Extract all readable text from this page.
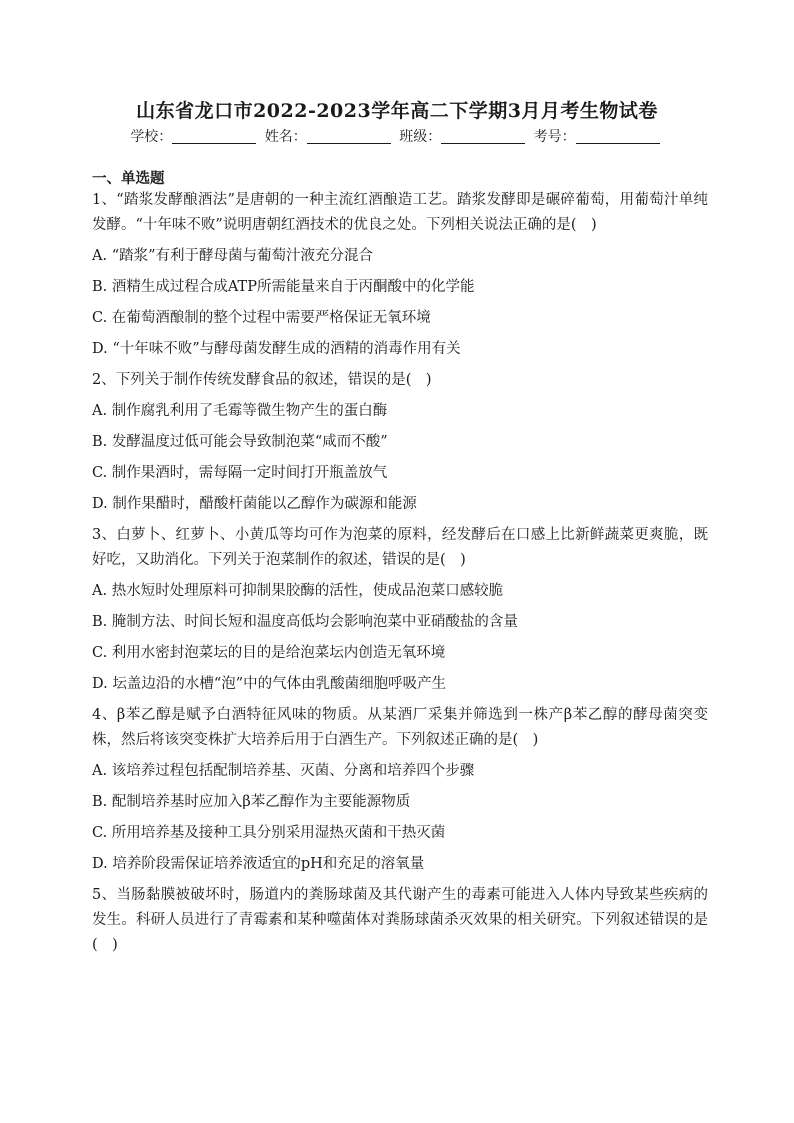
山东省龙口市2022-2023学年高二下学期3月月考生物试卷
学校：	姓名：	班级：	考号：
一、单选题

1、“踏浆发酵酿酒法”是唐朝的一种主流红酒酿造工艺。踏浆发酵即是碾碎葡萄，用葡萄汁单纯发酵。“十年味不败”说明唐朝红酒技术的优良之处。下列相关说法正确的是(　)

A. “踏浆”有利于酵母菌与葡萄汁液充分混合

B. 酒精生成过程合成ATP所需能量来自于丙酮酸中的化学能

C. 在葡萄酒酿制的整个过程中需要严格保证无氧环境

D. “十年味不败”与酵母菌发酵生成的酒精的消毒作用有关

2、下列关于制作传统发酵食品的叙述，错误的是(　)

A. 制作腐乳利用了毛霉等微生物产生的蛋白酶

B. 发酵温度过低可能会导致制泡菜“咸而不酸”

C. 制作果酒时，需每隔一定时间打开瓶盖放气

D. 制作果醋时，醋酸杆菌能以乙醇作为碳源和能源

3、白萝卜、红萝卜、小黄瓜等均可作为泡菜的原料，经发酵后在口感上比新鲜蔬菜更爽脆，既好吃，又助消化。下列关于泡菜制作的叙述，错误的是(　)

A. 热水短时处理原料可抑制果胶酶的活性，使成品泡菜口感较脆

B. 腌制方法、时间长短和温度高低均会影响泡菜中亚硝酸盐的含量

C. 利用水密封泡菜坛的目的是给泡菜坛内创造无氧环境

D. 坛盖边沿的水槽“泡”中的气体由乳酸菌细胞呼吸产生

4、β苯乙醇是赋予白酒特征风味的物质。从某酒厂采集并筛选到一株产β苯乙醇的酵母菌突变株，然后将该突变株扩大培养后用于白酒生产。下列叙述正确的是(　)

A. 该培养过程包括配制培养基、灭菌、分离和培养四个步骤

B. 配制培养基时应加入β苯乙醇作为主要能源物质

C. 所用培养基及接种工具分别采用湿热灭菌和干热灭菌

D. 培养阶段需保证培养液适宜的pH和充足的溶氧量

5、当肠黏膜被破坏时，肠道内的粪肠球菌及其代谢产生的毒素可能进入人体内导致某些疾病的发生。科研人员进行了青霉素和某种噬菌体对粪肠球菌杀灭效果的相关研究。下列叙述错误的是(　)
